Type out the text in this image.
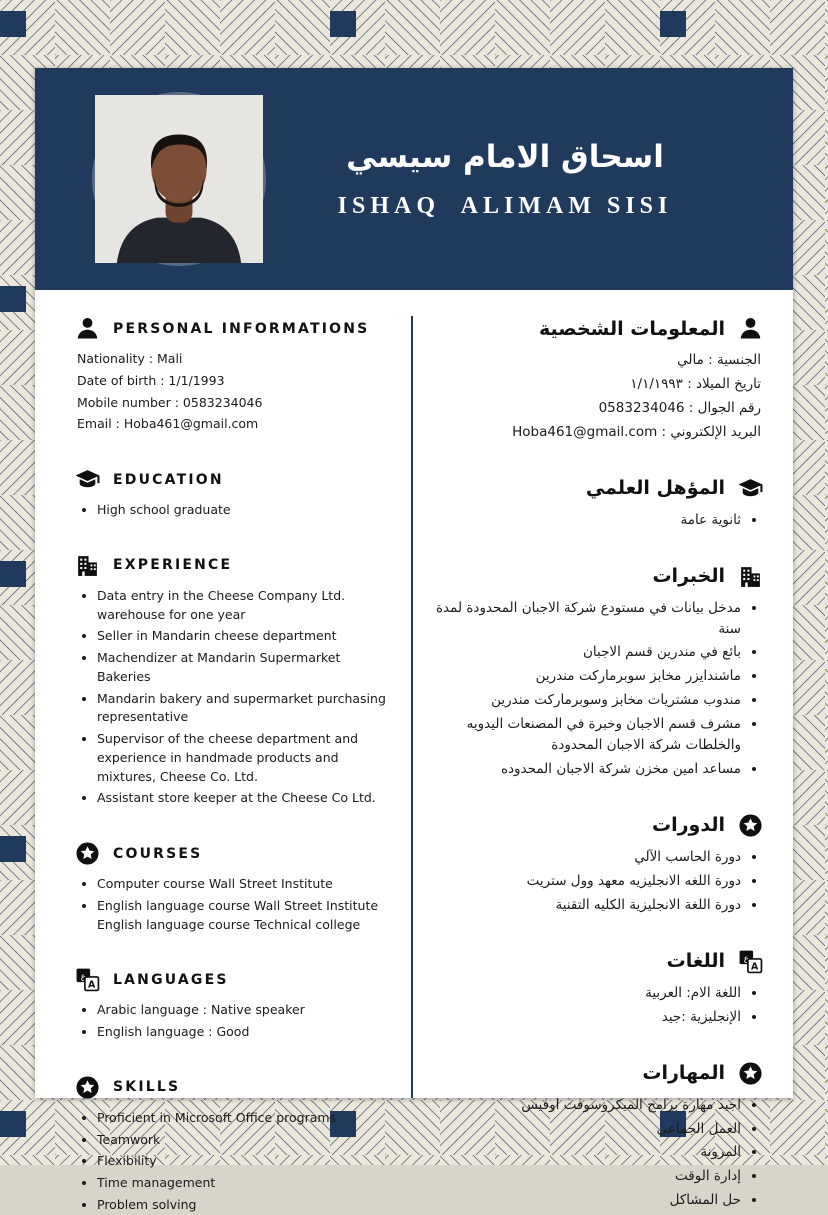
اسحاق الامام سيسي
ISHAQ  ALIMAM SISI
PERSONAL INFORMATIONS
Nationality : Mali
Date of birth : 1/1/1993
Mobile number : 0583234046
Email : Hoba461@gmail.com
EDUCATION
• High school graduate
EXPERIENCE
• Data entry in the Cheese Company Ltd. warehouse for one year
• Seller in Mandarin cheese department
• Machendizer at Mandarin Supermarket Bakeries
• Mandarin bakery and supermarket purchasing representative
• Supervisor of the cheese department and experience in handmade products and mixtures, Cheese Co. Ltd.
• Assistant store keeper at the Cheese Co Ltd.
COURSES
• Computer course Wall Street Institute
• English language course Wall Street Institute English language course Technical college
LANGUAGES
• Arabic language : Native speaker
• English language : Good
SKILLS
• Proficient in Microsoft Office programs
• Teamwork
• Flexibility
• Time management
• Problem solving
المعلومات الشخصية
الجنسية : مالي
تاريخ الميلاد : ١/١/١٩٩٣
رقم الجوال : 0583234046
البريد الإلكتروني : Hoba461@gmail.com
المؤهل العلمي
• ثانوية عامة
الخبرات
• مدخل بيانات في مستودع شركة الاجبان المحدودة لمدة سنة
• بائع في مندرين قسم الاجبان
• ماشندايزر مخابز سوبرماركت مندرين
• مندوب مشتريات مخابز وسوبرماركت مندرين
• مشرف قسم الاجبان وخبرة في المصنعات اليدويه والخلطات شركة الاجبان المحدودة
• مساعد امين مخزن شركة الاجبان المحدوده
الدورات
• دورة الحاسب الآلي
• دورة اللغه الانجليزيه معهد وول ستريت
• دورة اللغة الانجليزية الكليه التقنية
اللغات
• اللغة الام: العربية
• الإنجليزية :جيد
المهارات
• اجيد مهارة برامج الميكروسوفت اوفيس
• العمل الجماعي
• المرونة
• إدارة الوقت
• حل المشاكل
